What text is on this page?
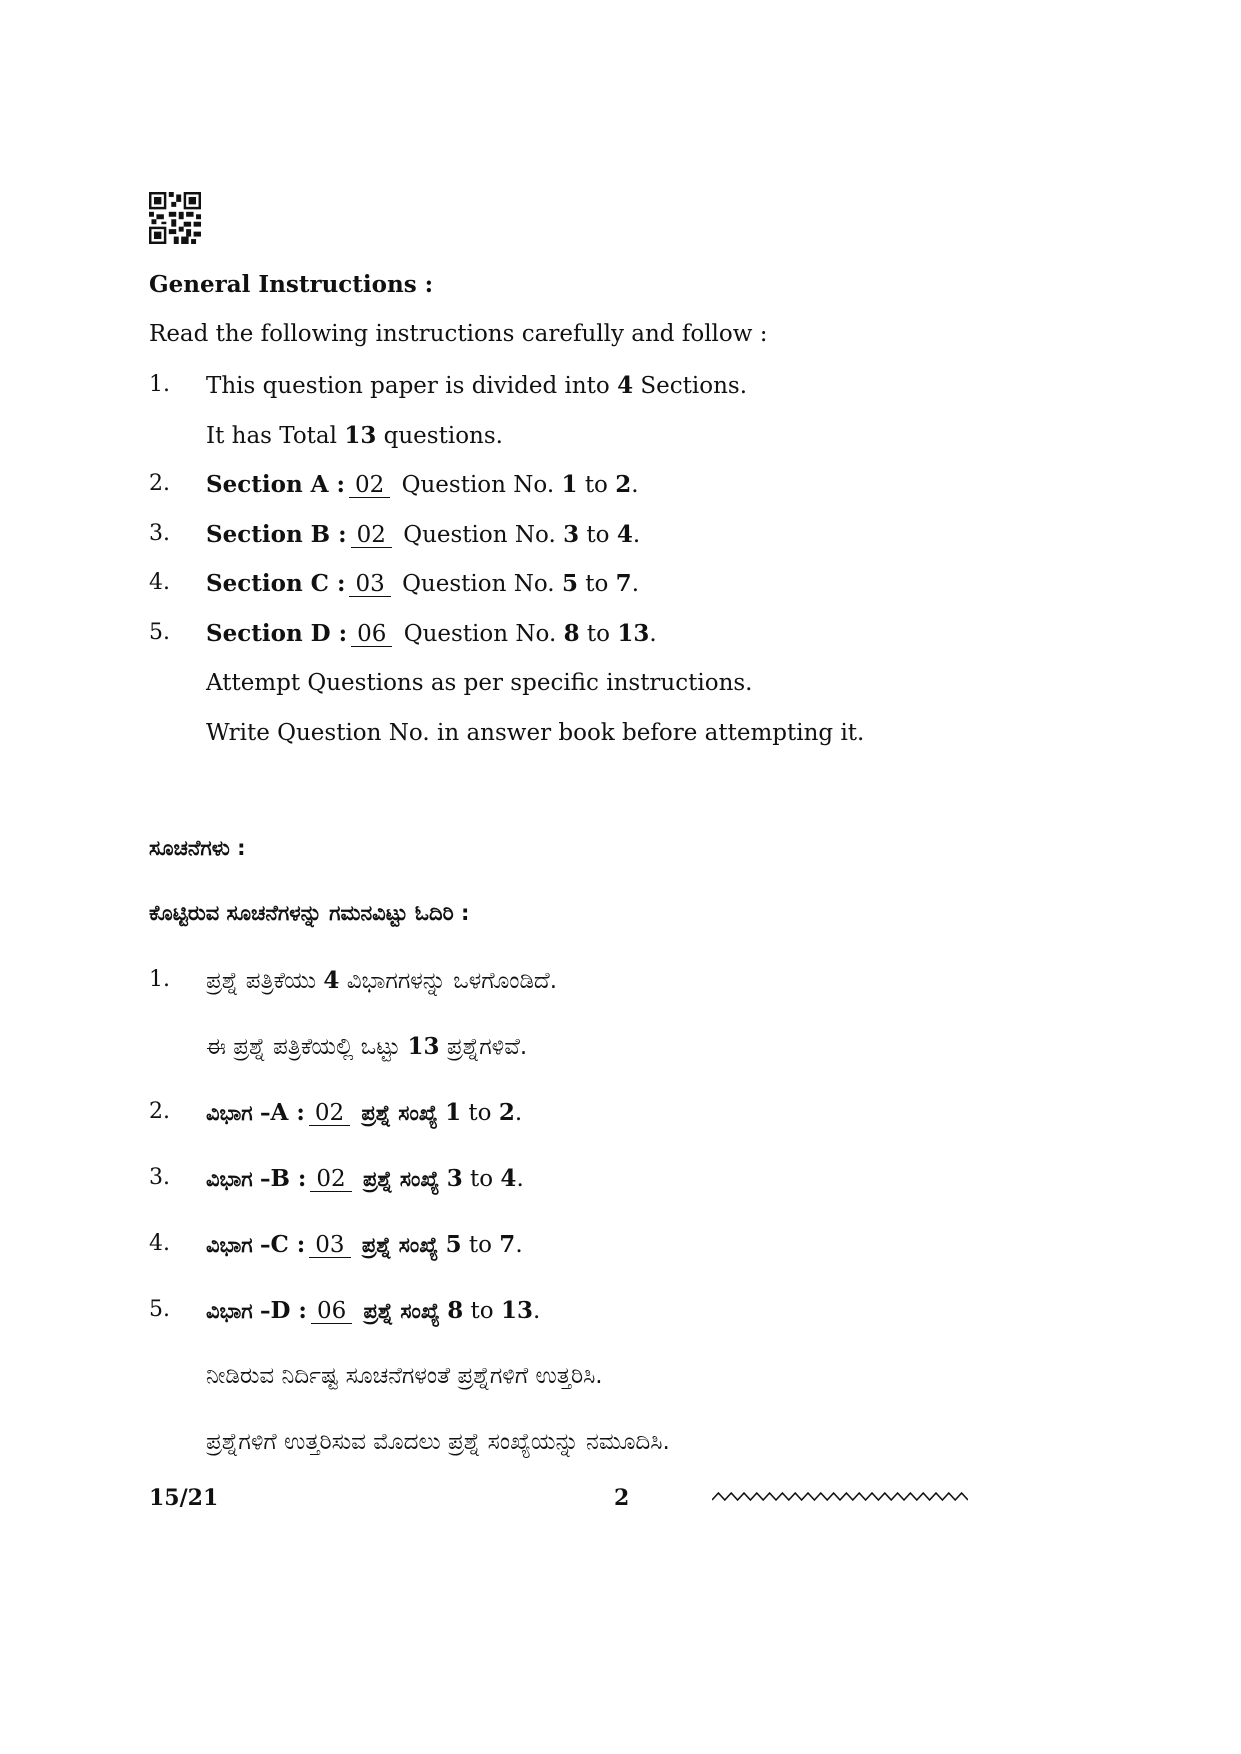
General Instructions :
Read the following instructions carefully and follow :
1. This question paper is divided into 4 Sections.
It has Total 13 questions.
2. Section A : 02 Question No. 1 to 2.
3. Section B : 02 Question No. 3 to 4.
4. Section C : 03 Question No. 5 to 7.
5. Section D : 06 Question No. 8 to 13.
Attempt Questions as per specific instructions.
Write Question No. in answer book before attempting it.
ಸೂಚನೆಗಳು :
ಕೊಟ್ಟಿರುವ ಸೂಚನೆಗಳನ್ನು ಗಮನವಿಟ್ಟು ಓದಿರಿ :
1. ಪ್ರಶ್ನೆ ಪತ್ರಿಕೆಯು 4 ವಿಭಾಗಗಳನ್ನು ಒಳಗೊಂಡಿದೆ.
ಈ ಪ್ರಶ್ನೆ ಪತ್ರಿಕೆಯಲ್ಲಿ ಒಟ್ಟು 13 ಪ್ರಶ್ನೆಗಳಿವೆ.
2. ವಿಭಾಗ –A : 02 ಪ್ರಶ್ನೆ ಸಂಖ್ಯೆ 1 to 2.
3. ವಿಭಾಗ –B : 02 ಪ್ರಶ್ನೆ ಸಂಖ್ಯೆ 3 to 4.
4. ವಿಭಾಗ –C : 03 ಪ್ರಶ್ನೆ ಸಂಖ್ಯೆ 5 to 7.
5. ವಿಭಾಗ –D : 06 ಪ್ರಶ್ನೆ ಸಂಖ್ಯೆ 8 to 13.
ನೀಡಿರುವ ನಿರ್ದಿಷ್ಟ ಸೂಚನೆಗಳಂತೆ ಪ್ರಶ್ನೆಗಳಿಗೆ ಉತ್ತರಿಸಿ.
ಪ್ರಶ್ನೆಗಳಿಗೆ ಉತ್ತರಿಸುವ ಮೊದಲು ಪ್ರಶ್ನೆ ಸಂಖ್ಯೆಯನ್ನು ನಮೂದಿಸಿ.
15/21	2
